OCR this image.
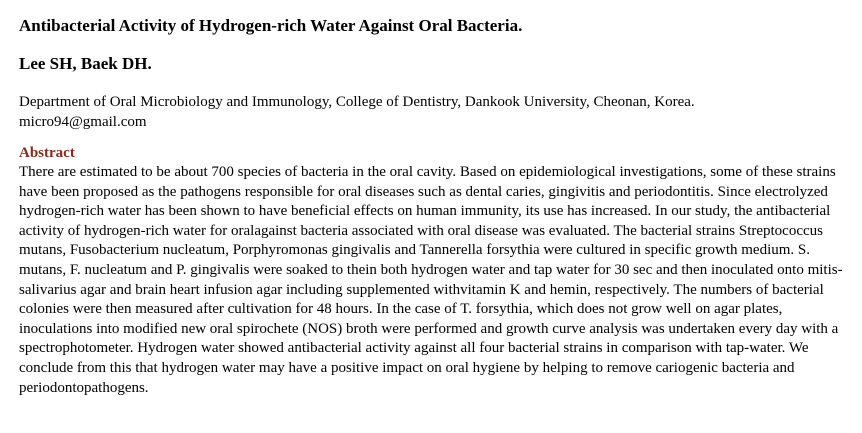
Antibacterial Activity of Hydrogen-rich Water Against Oral Bacteria.

Lee SH, Baek DH.

Department of Oral Microbiology and Immunology, College of Dentistry, Dankook University, Cheonan, Korea.
micro94@gmail.com

Abstract

There are estimated to be about 700 species of bacteria in the oral cavity. Based on epidemiological investigations, some of these strains have been proposed as the pathogens responsible for oral diseases such as dental caries, gingivitis and periodontitis. Since electrolyzed hydrogen-rich water has been shown to have beneficial effects on human immunity, its use has increased. In our study, the antibacterial activity of hydrogen-rich water for oralagainst bacteria associated with oral disease was evaluated. The bacterial strains Streptococcus mutans, Fusobacterium nucleatum, Porphyromonas gingivalis and Tannerella forsythia were cultured in specific growth medium. S. mutans, F. nucleatum and P. gingivalis were soaked to thein both hydrogen water and tap water for 30 sec and then inoculated onto mitis-salivarius agar and brain heart infusion agar including supplemented withvitamin K and hemin, respectively. The numbers of bacterial colonies were then measured after cultivation for 48 hours. In the case of T. forsythia, which does not grow well on agar plates, inoculations into modified new oral spirochete (NOS) broth were performed and growth curve analysis was undertaken every day with a spectrophotometer. Hydrogen water showed antibacterial activity against all four bacterial strains in comparison with tap-water. We conclude from this that hydrogen water may have a positive impact on oral hygiene by helping to remove cariogenic bacteria and periodontopathogens.
